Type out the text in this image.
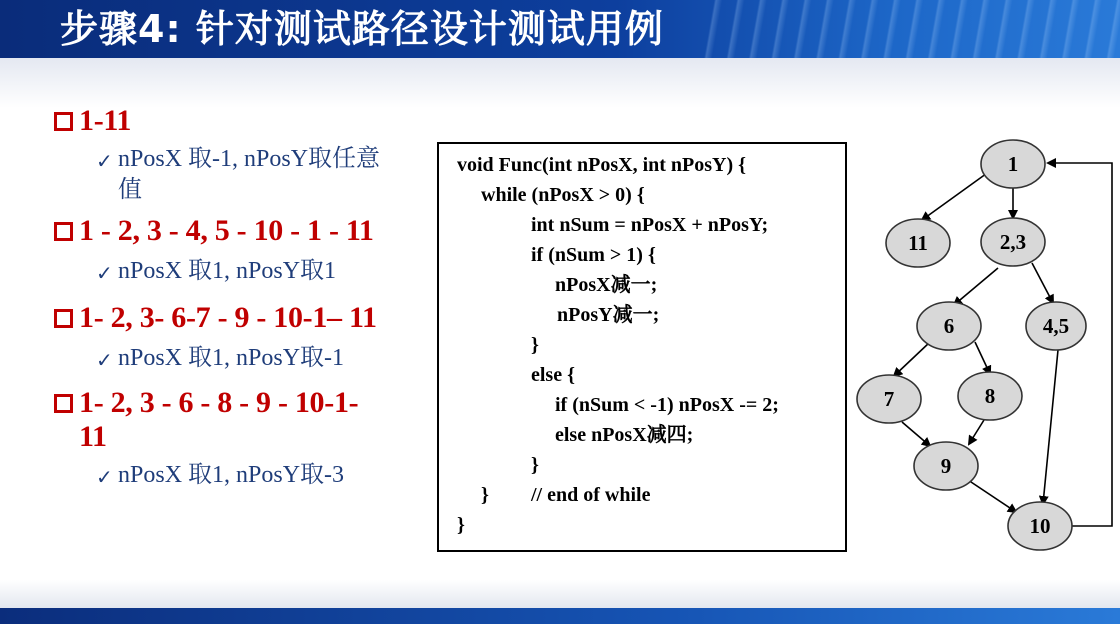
步骤4: 针对测试路径设计测试用例
1-11
✓ nPosX 取-1, nPosY取任意值
1 - 2, 3 - 4, 5 - 10 - 1 - 11
✓ nPosX 取1, nPosY取1
1- 2, 3- 6-7 - 9 - 10-1– 11
✓ nPosX 取1, nPosY取-1
1- 2, 3 - 6 - 8 - 9 - 10-1-11
✓ nPosX 取1, nPosY取-3
void Func(int nPosX, int nPosY) {
while (nPosX > 0) {
int nSum = nPosX + nPosY;
if (nSum > 1) {
nPosX减一;
nPosY减一;
}
else {
if (nSum < -1) nPosX -= 2;
else nPosX减四;
}
} // end of while
}
1
11	2,3
6	4,5
7	8
9
10
